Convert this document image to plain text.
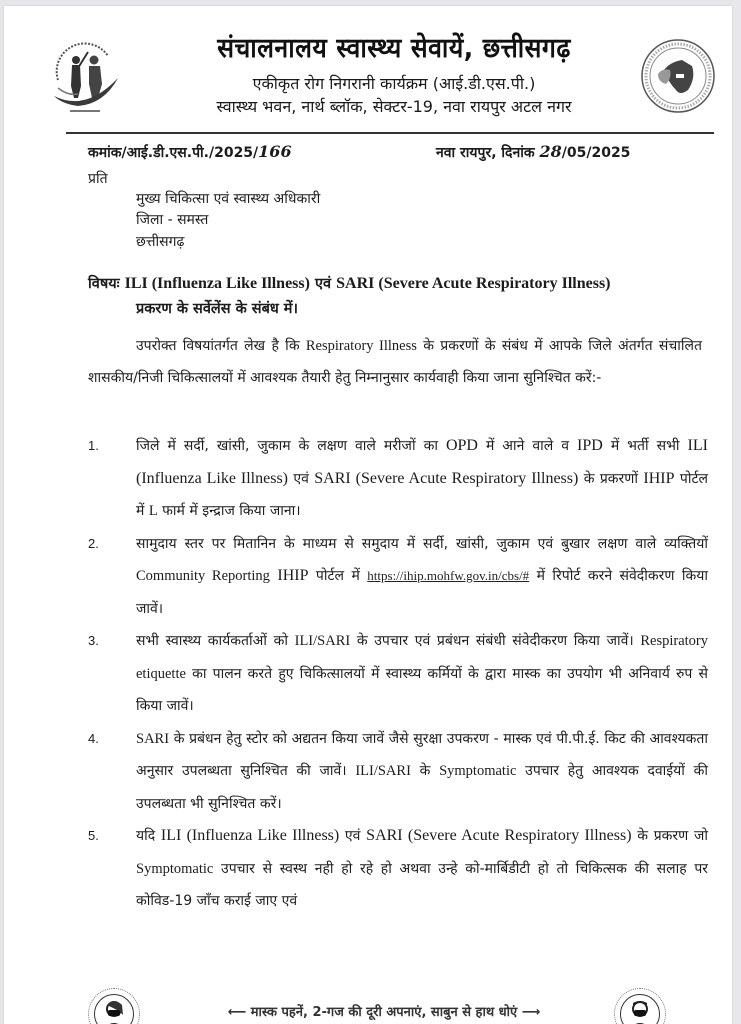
संचालनालय स्वास्थ्य सेवायें, छत्तीसगढ़
एकीकृत रोग निगरानी कार्यक्रम (आई.डी.एस.पी.)
स्वास्थ्य भवन, नार्थ ब्लॉक, सेक्टर-19, नवा रायपुर अटल नगर
कमांक/आई.डी.एस.पी./2025/166	नवा रायपुर, दिनांक 28/05/2025
प्रति
मुख्य चिकित्सा एवं स्वास्थ्य अधिकारी
जिला - समस्त
छत्तीसगढ़
विषयः ILI (Influenza Like Illness) एवं SARI (Severe Acute Respiratory Illness)
प्रकरण के सर्वेलेंस के संबंध में।
उपरोक्त विषयांतर्गत लेख है कि Respiratory Illness के प्रकरणों के संबंध में आपके जिले अंतर्गत संचालित शासकीय/निजी चिकित्सालयों में आवश्यक तैयारी हेतु निम्नानुसार कार्यवाही किया जाना सुनिश्चित करें:-
1.	जिले में सर्दी, खांसी, जुकाम के लक्षण वाले मरीजों का OPD में आने वाले व IPD में भर्ती सभी ILI (Influenza Like Illness) एवं SARI (Severe Acute Respiratory Illness) के प्रकरणों IHIP पोर्टल में L फार्म में इन्द्राज किया जाना।
2.	सामुदाय स्तर पर मितानिन के माध्यम से समुदाय में सर्दी, खांसी, जुकाम एवं बुखार लक्षण वाले व्यक्तियों Community Reporting IHIP पोर्टल में https://ihip.mohfw.gov.in/cbs/# में रिपोर्ट करने संवेदीकरण किया जावें।
3.	सभी स्वास्थ्य कार्यकर्ताओं को ILI/SARI के उपचार एवं प्रबंधन संबंधी संवेदीकरण किया जावें। Respiratory etiquette का पालन करते हुए चिकित्सालयों में स्वास्थ्य कर्मियों के द्वारा मास्क का उपयोग भी अनिवार्य रुप से किया जावें।
4.	SARI के प्रबंधन हेतु स्टोर को अद्यतन किया जावें जैसे सुरक्षा उपकरण - मास्क एवं पी.पी.ई. किट की आवश्यकता अनुसार उपलब्धता सुनिश्चित की जावें। ILI/SARI के Symptomatic उपचार हेतु आवश्यक दवाईयों की उपलब्धता भी सुनिश्चित करें।
5.	यदि ILI (Influenza Like Illness) एवं SARI (Severe Acute Respiratory Illness) के प्रकरण जो Symptomatic उपचार से स्वस्थ नही हो रहे हो अथवा उन्हे को-मार्बिडीटी हो तो चिकित्सक की सलाह पर कोविड-19 जाँच कराई जाए एवं
⟵ मास्क पहनें, 2-गज की दूरी अपनाएं, साबुन से हाथ धोएं ⟶
